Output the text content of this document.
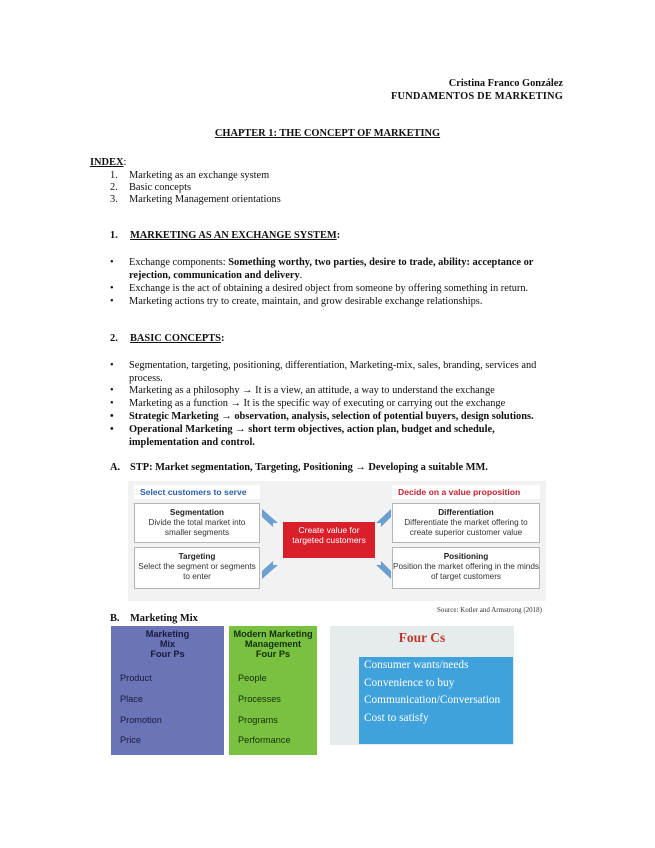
Cristina Franco González
FUNDAMENTOS DE MARKETING
CHAPTER 1: THE CONCEPT OF MARKETING
INDEX:
1. Marketing as an exchange system
2. Basic concepts
3. Marketing Management orientations
1. MARKETING AS AN EXCHANGE SYSTEM:
• Exchange components: Something worthy, two parties, desire to trade, ability: acceptance or rejection, communication and delivery.
• Exchange is the act of obtaining a desired object from someone by offering something in return.
• Marketing actions try to create, maintain, and grow desirable exchange relationships.
2. BASIC CONCEPTS:
• Segmentation, targeting, positioning, differentiation, Marketing-mix, sales, branding, services and process.
• Marketing as a philosophy → It is a view, an attitude, a way to understand the exchange
• Marketing as a function → It is the specific way of executing or carrying out the exchange
• Strategic Marketing → observation, analysis, selection of potential buyers, design solutions.
• Operational Marketing → short term objectives, action plan, budget and schedule, implementation and control.
A. STP: Market segmentation, Targeting, Positioning → Developing a suitable MM.
Select customers to serve	Decide on a value proposition
Segmentation
Divide the total market into smaller segments
Targeting
Select the segment or segments to enter
Create value for targeted customers
Differentiation
Differentiate the market offering to create superior customer value
Positioning
Position the market offering in the minds of target customers
Source: Kotler and Armstrong (2018)
B. Marketing Mix
Marketing
Mix
Four Ps
Product
Place
Promotion
Price
Modern Marketing
Management
Four Ps
People
Processes
Programs
Performance
Four Cs
Consumer wants/needs
Convenience to buy
Communication/Conversation
Cost to satisfy
